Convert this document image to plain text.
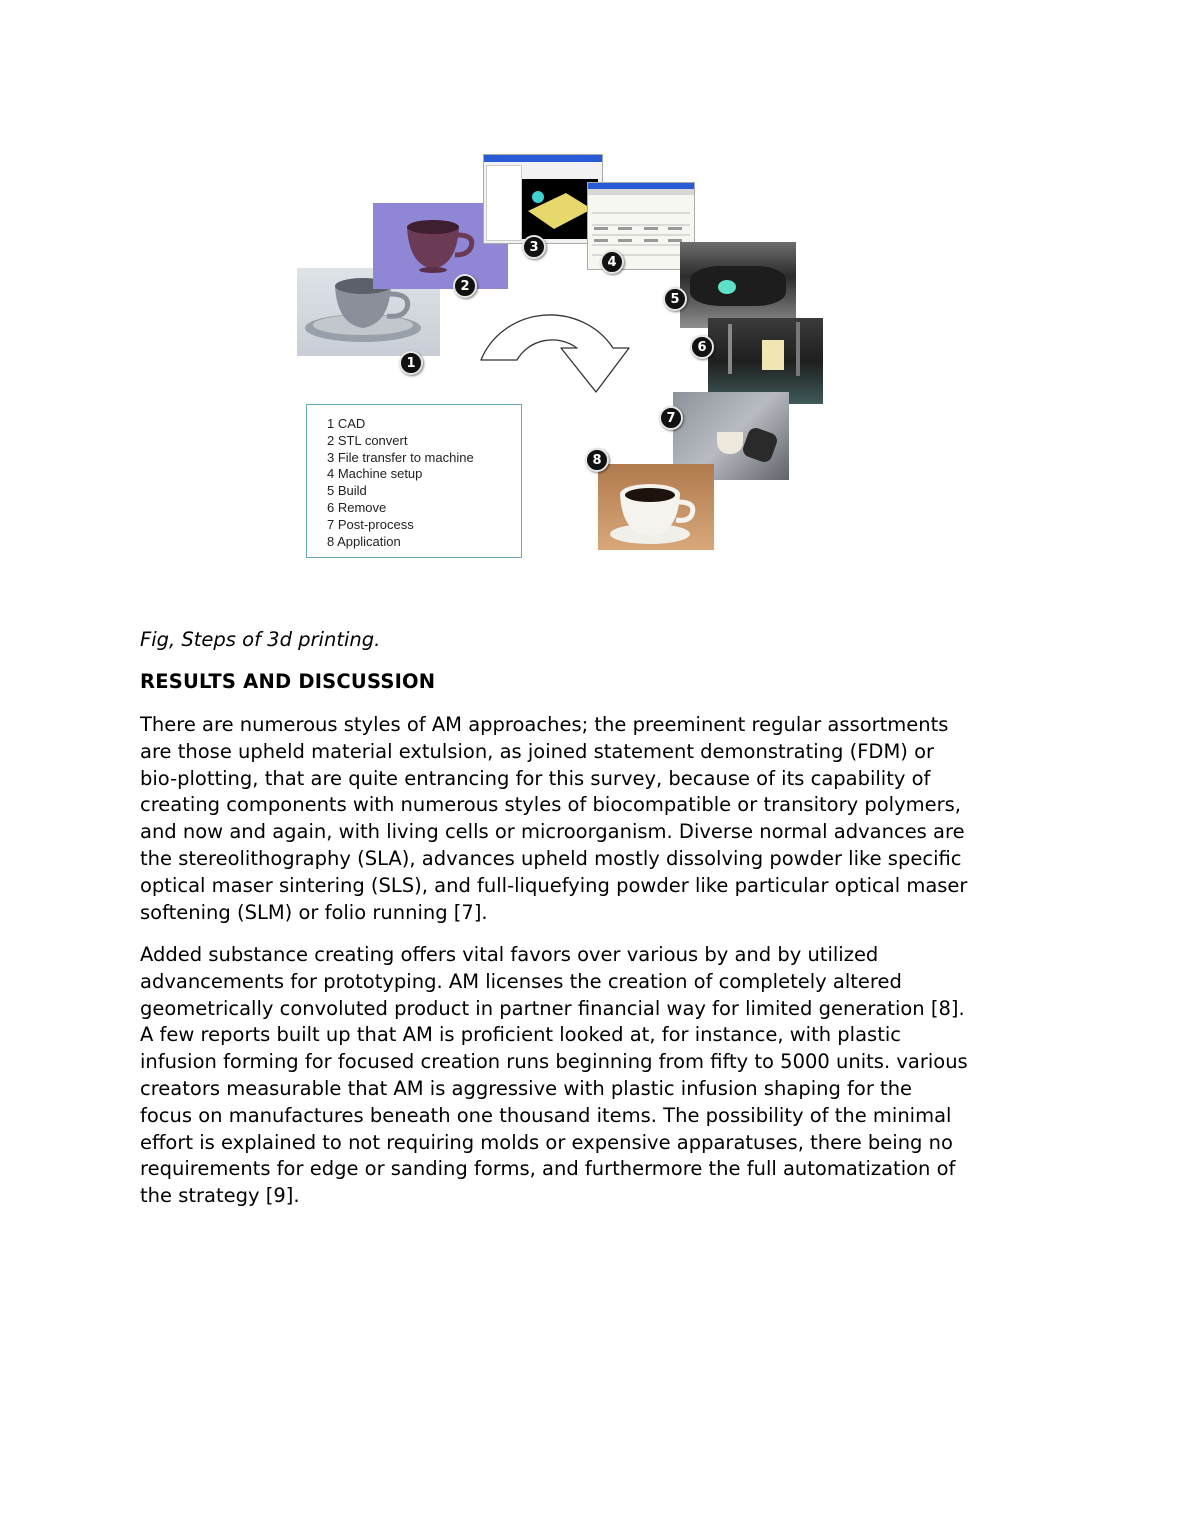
1
2
3
4
5
6
7
8
1 CAD
2 STL convert
3 File transfer to machine
4 Machine setup
5 Build
6 Remove
7 Post-process
8 Application
Fig, Steps of 3d printing.
RESULTS AND DISCUSSION
There are numerous styles of AM approaches; the preeminent regular assortments
are those upheld material extulsion, as joined statement demonstrating (FDM) or
bio-plotting, that are quite entrancing for this survey, because of its capability of
creating components with numerous styles of biocompatible or transitory polymers,
and now and again, with living cells or microorganism. Diverse normal advances are
the stereolithography (SLA), advances upheld mostly dissolving powder like specific
optical maser sintering (SLS), and full-liquefying powder like particular optical maser
softening (SLM) or folio running [7].
Added substance creating offers vital favors over various by and by utilized
advancements for prototyping. AM licenses the creation of completely altered
geometrically convoluted product in partner financial way for limited generation [8].
A few reports built up that AM is proficient looked at, for instance, with plastic
infusion forming for focused creation runs beginning from fifty to 5000 units. various
creators measurable that AM is aggressive with plastic infusion shaping for the
focus on manufactures beneath one thousand items. The possibility of the minimal
effort is explained to not requiring molds or expensive apparatuses, there being no
requirements for edge or sanding forms, and furthermore the full automatization of
the strategy [9].
